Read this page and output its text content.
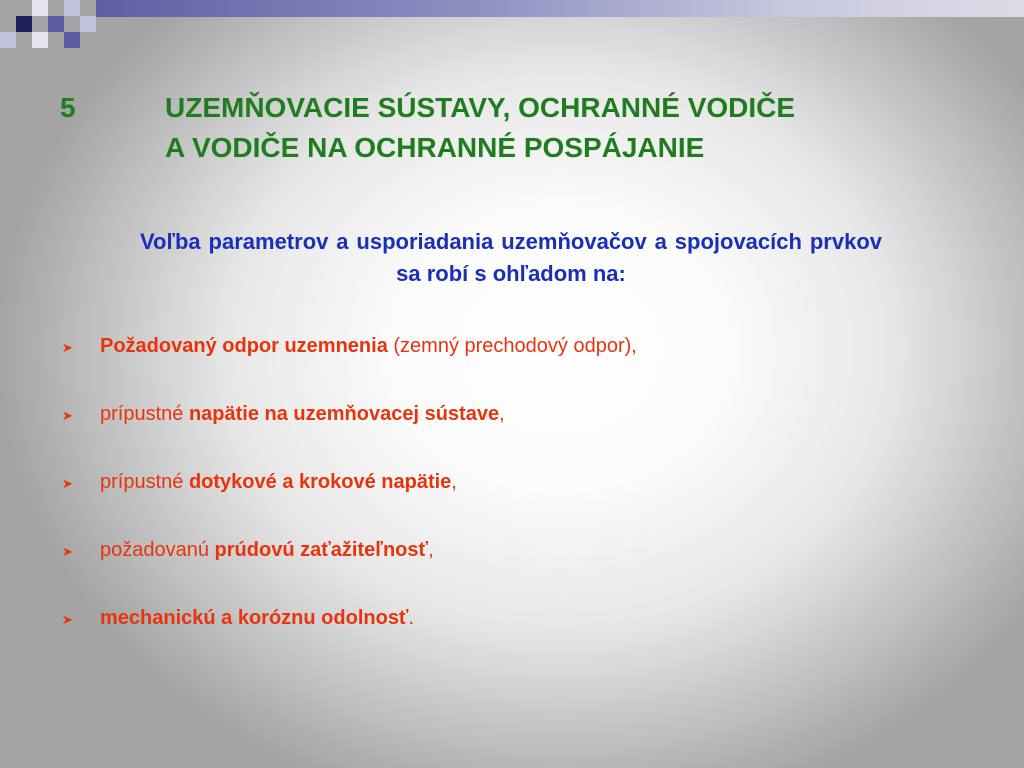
5	UZEMŇOVACIE SÚSTAVY, OCHRANNÉ VODIČE
A VODIČE NA OCHRANNÉ POSPÁJANIE
Voľba parametrov a usporiadania uzemňovačov a spojovacích prvkov sa robí s ohľadom na:
➤	Požadovaný odpor uzemnenia (zemný prechodový odpor),
➤	prípustné napätie na uzemňovacej sústave,
➤	prípustné dotykové a krokové napätie,
➤	požadovanú prúdovú zaťažiteľnosť,
➤	mechanickú a koróznu odolnosť.
